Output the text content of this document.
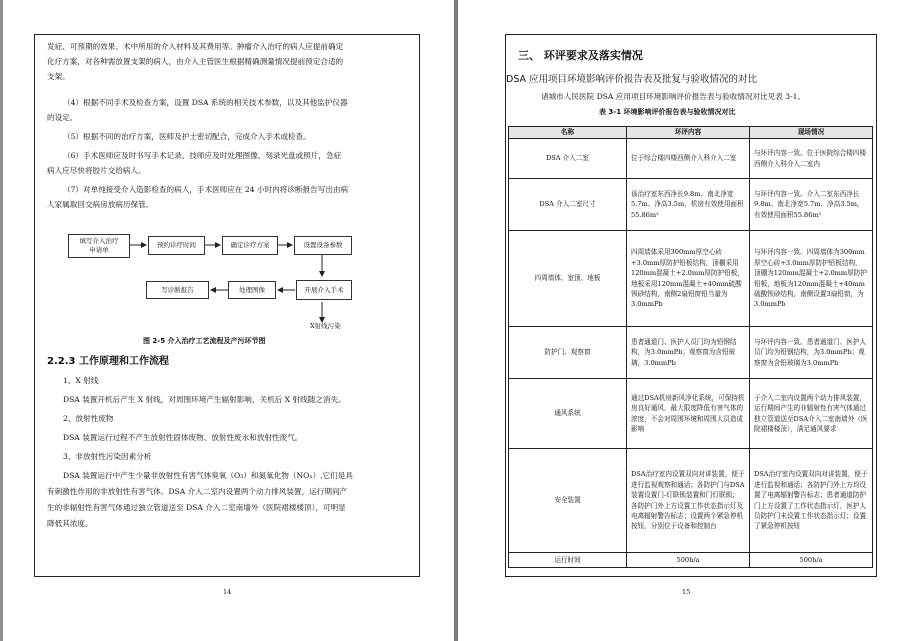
发症、可预期的效果、术中所用的介入材料及其费用等。肿瘤介入治疗的病人应提前确定
化疗方案，对各种需放置支架的病人，由介入主管医生根据精确测量情况提前预定合适的
支架。
（4）根据不同手术及检查方案，设置 DSA 系统的相关技术参数，以及其他监护仪器
的设定。
（5）根据不同的治疗方案，医师及护士密切配合，完成介入手术或检查。
（6）手术医师应及时书写手术记录。技师应及时处理图像、刻录光盘或照片，急症
病人应尽快将胶片交给病人。
（7）对单纯接受介入造影检查的病人，手术医师应在 24 小时内将诊断报告写出由病
人家属取回交病房放病历保管。
填写介入治疗
申请单
预约诊疗时间	确定诊疗方案	设置设备参数
开展介入手术
处理图像
写诊断报告
X射线污染
图 2-5 介入治疗工艺流程及产污环节图
2.2.3 工作原理和工作流程
1、X 射线
DSA 装置开机后产生 X 射线，对周围环境产生辐射影响，关机后 X 射线随之消失。
2、放射性废物
DSA 装置运行过程不产生放射性固体废物、放射性废水和放射性废气。
3、非放射性污染因素分析
DSA 装置运行中产生少量非放射性有害气体臭氧（O₃）和氮氧化物（NOₓ）,它们是具
有刺激性作用的非放射性有害气体。DSA 介入二室内设置两个动力排风装置，运行期间产
生的非辐射性有害气体通过独立管道送至 DSA 介入二室南墙外（医院裙楼楼顶），可明显
降低其浓度。
14
三、 环评要求及落实情况
DSA 应用项目环境影响评价报告表及批复与验收情况的对比
诸城市人民医院 DSA 应用项目环境影响评价报告表与验收情况对比见表 3-1。
表 3-1 环境影响评价报告表与验收情况对比
15
名称	环评内容	现场情况
DSA 介入二室	位于综合楼四楼西侧介入科介入二室	与环评内容一致。位于医院综合楼四楼西侧介入科介入二室内
DSA 介入二室尺寸	该治疗室东西净长9.8m、南北净宽5.7m、净高3.5m，机房有效使用面积55.86m²	与环评内容一致。介入二室东西净长9.8m、南北净宽5.7m、净高3.5m，有效使用面积55.86m²
四周墙体、室顶、地板	四周墙体采用300mm厚空心砖+3.0mm厚防护铅板结构，顶棚采用120mm混凝土+2.0mm厚防护铅板，地板采用120mm混凝土+40mm硫酸钡砂结构，南侧2扇铅窗铅当量为3.0mmPb	与环评内容一致。四周墙体为300mm厚空心砖+3.0mm厚防护铅板结构，顶棚为120mm混凝土+2.0mm厚防护铅板，地板为120mm混凝土+40mm硫酸钡砂结构，南侧设置3扇铅窗，为3.0mmPb
防护门、观察窗	患者通道门、医护人员门均为铅钢结构，为3.0mmPb；观察窗为含铅玻璃，3.0mmPb	与环评内容一致。患者通道门、医护人员门均为铅钢结构，为3.0mmPb；观察窗为含铅玻璃为3.0mmPb
通风系统	通过DSA机房新风净化系统，可保持机房良好通风，最大限度降低有害气体的浓度，不会对周围环境和周围人员造成影响	于介入二室内设置两个动力排风装置，运行期间产生的非辐射性有害气体通过独立管道送至DSA介入二室南墙外（医院裙楼楼顶），满足通风要求
安全装置	DSA治疗室内设置双向对讲装置，便于进行监视观察和通话；各防护门与DSA装置设置门-灯联锁装置和门灯联锁；各防护门外上方设置工作状态指示灯及电离辐射警告标志；设置两个紧急停机按钮，分别位于设备和控制台	DSA治疗室内设置双向对讲装置，便于进行监视和通话；各防护门外上方均设置了电离辐射警告标志；患者通道防护门上方设置了工作状态指示灯，医护人员防护门未设置工作状态指示灯；设置了紧急停机按钮
运行时间	500h/a	500h/a
